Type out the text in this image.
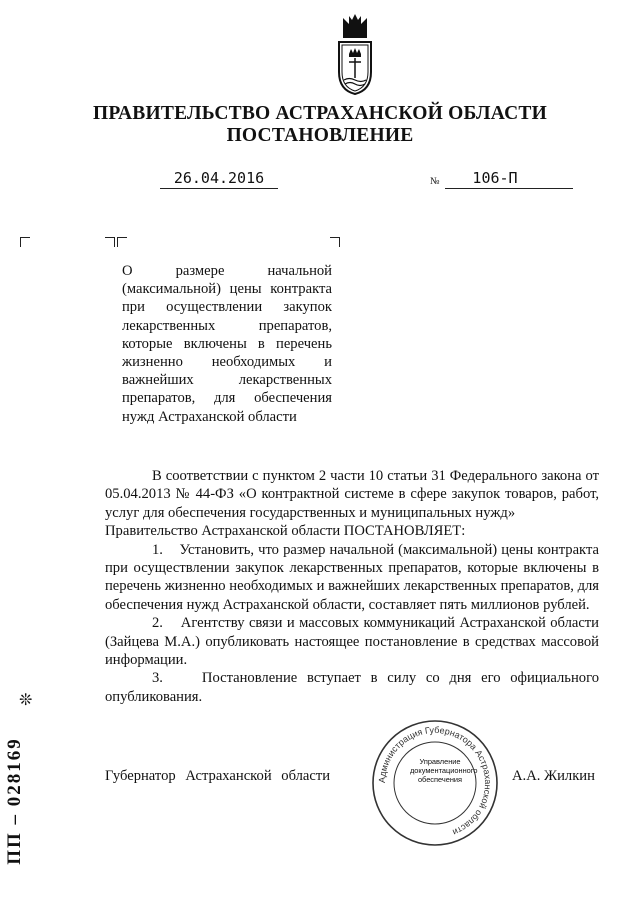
ПРАВИТЕЛЬСТВО АСТРАХАНСКОЙ ОБЛАСТИ
ПОСТАНОВЛЕНИЕ
26.04.2016	№	106-П
О размере начальной (максимальной) цены контракта при осуществлении закупок лекарственных препаратов, которые включены в перечень жизненно необходимых и важнейших лекарственных препаратов, для обеспечения нужд Астраханской области

В соответствии с пунктом 2 части 10 статьи 31 Федерального закона от 05.04.2013 № 44-ФЗ «О контрактной системе в сфере закупок товаров, работ, услуг для обеспечения государственных и муниципальных нужд»

Правительство Астраханской области ПОСТАНОВЛЯЕТ:

1.    Установить, что размер начальной (максимальной) цены контракта при осуществлении закупок лекарственных препаратов, которые включены в перечень жизненно необходимых и важнейших лекарственных препаратов, для обеспечения нужд Астраханской области, составляет пять миллионов рублей.

2.    Агентству связи и массовых коммуникаций Астраханской области (Зайцева М.А.) опубликовать настоящее постановление в средствах массовой информации.

3.    Постановление вступает в силу со дня его официального опубликования.

Губернатор Астраханской области	Администрация Губернатора Астраханской области
Управление
документационного
обеспечения	А.А. Жилкин
❊
ПП – 028169
